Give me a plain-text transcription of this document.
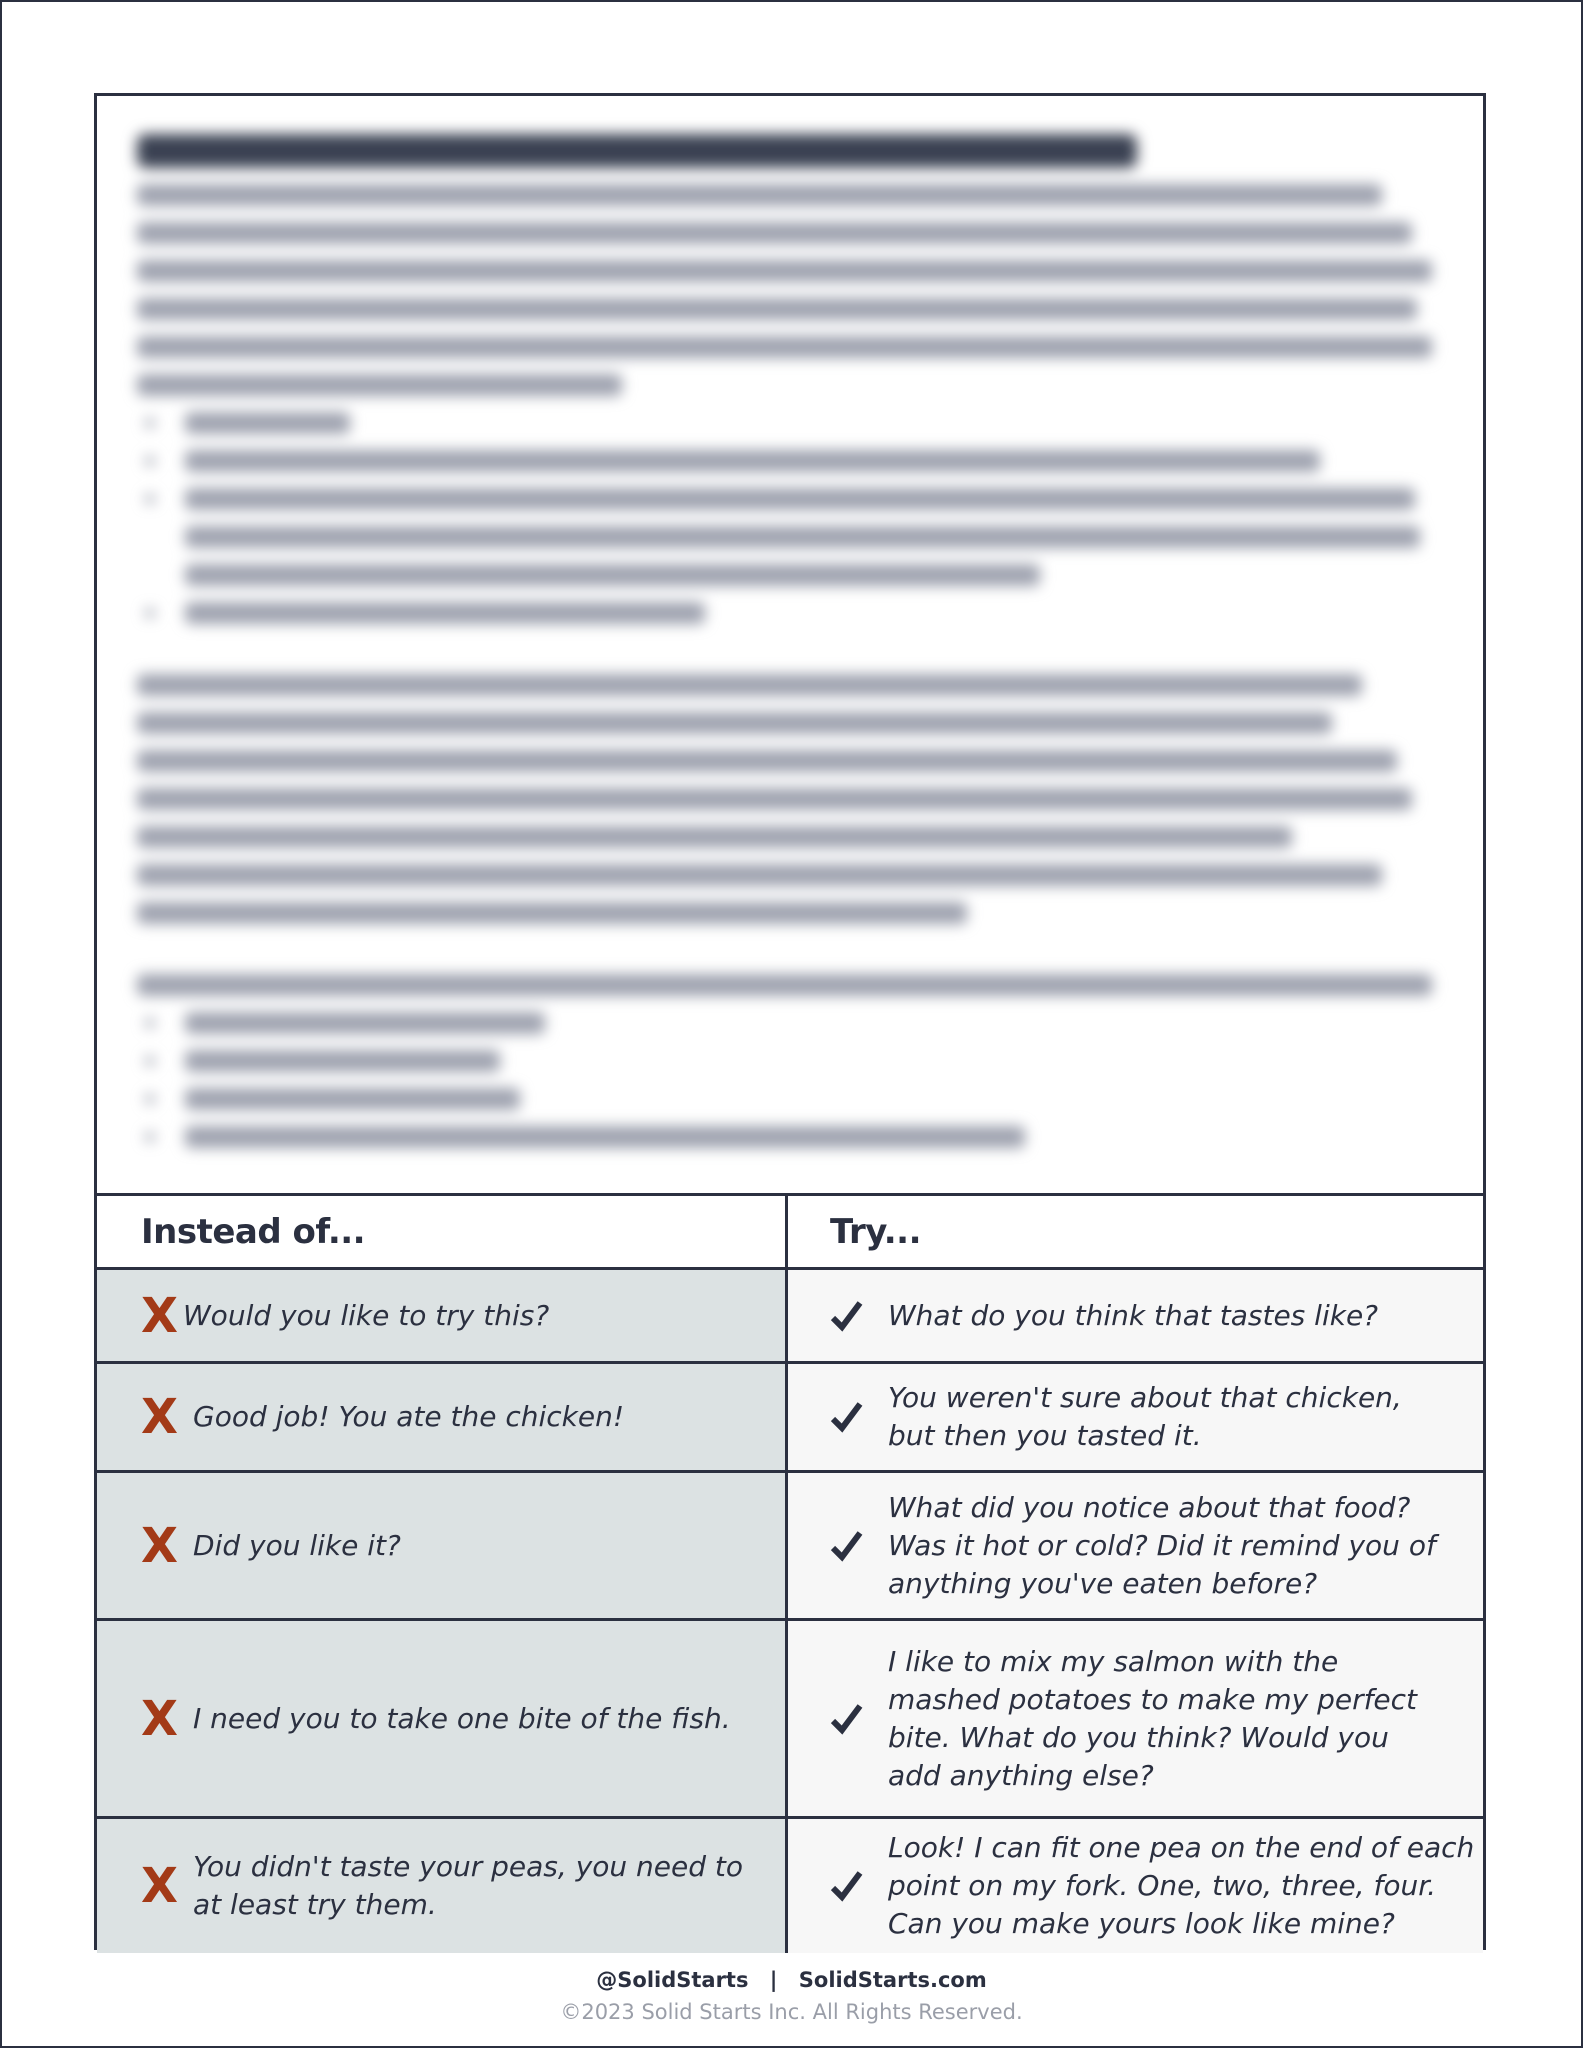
Instead of...	Try...
X Would you like to try this?	What do you think that tastes like?
X Good job! You ate the chicken!
You weren't sure about that chicken,
but then you tasted it.
X Did you like it?
What did you notice about that food?
Was it hot or cold? Did it remind you of
anything you've eaten before?
X I need you to take one bite of the fish.
I like to mix my salmon with the
mashed potatoes to make my perfect
bite. What do you think? Would you
add anything else?
X You didn't taste your peas, you need to
at least try them.
Look! I can fit one pea on the end of each
point on my fork. One, two, three, four.
Can you make yours look like mine?
@SolidStarts | SolidStarts.com
©2023 Solid Starts Inc. All Rights Reserved.
